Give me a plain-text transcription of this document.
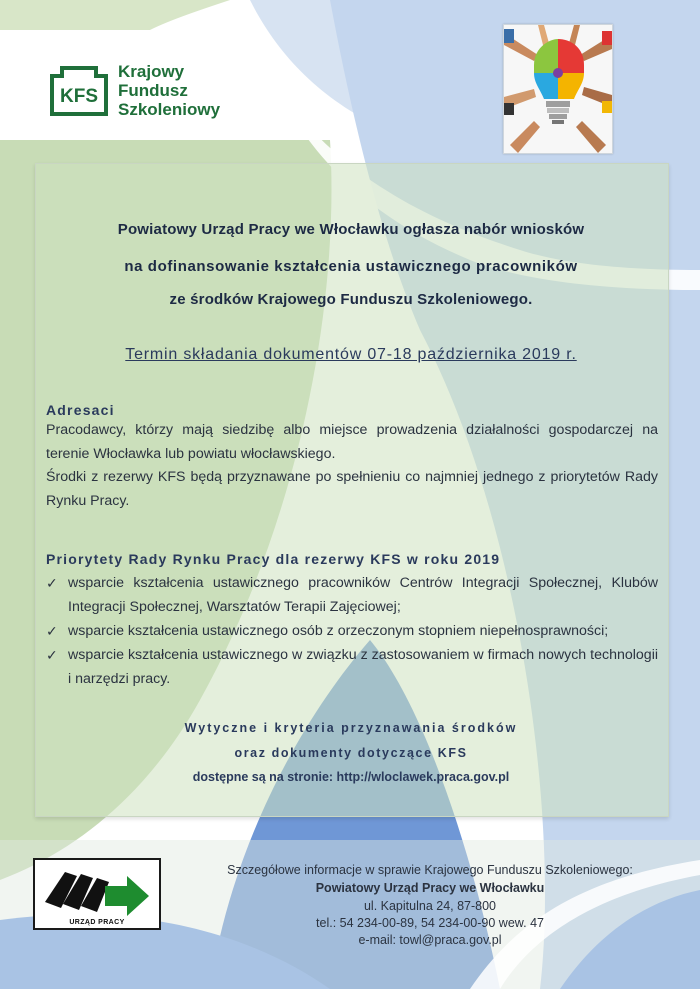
KFS
Krajowy
Fundusz
Szkoleniowy
Powiatowy Urząd Pracy we Włocławku ogłasza nabór wniosków
na dofinansowanie kształcenia ustawicznego pracowników
ze środków Krajowego Funduszu Szkoleniowego.
Termin składania dokumentów 07-18 października 2019 r.
Adresaci
Pracodawcy, którzy mają siedzibę albo miejsce prowadzenia działalności gospodarczej na terenie Włocławka lub powiatu włocławskiego.
Środki z rezerwy KFS będą przyznawane po spełnieniu co najmniej jednego z priorytetów Rady Rynku Pracy.
Priorytety Rady Rynku Pracy dla rezerwy KFS w roku 2019
✓ wsparcie kształcenia ustawicznego pracowników Centrów Integracji Społecznej, Klubów Integracji Społecznej, Warsztatów Terapii Zajęciowej;
✓ wsparcie kształcenia ustawicznego osób z orzeczonym stopniem niepełnosprawności;
✓ wsparcie kształcenia ustawicznego w związku z zastosowaniem w firmach nowych technologii i narzędzi pracy.
Wytyczne i kryteria przyznawania środków
oraz dokumenty dotyczące KFS
dostępne są na stronie: http://wloclawek.praca.gov.pl
URZĄD PRACY
Szczegółowe informacje w sprawie Krajowego Funduszu Szkoleniowego:
Powiatowy Urząd Pracy we Włocławku
ul. Kapitulna 24, 87-800
tel.: 54 234-00-89, 54 234-00-90 wew. 47
e-mail: towl@praca.gov.pl
